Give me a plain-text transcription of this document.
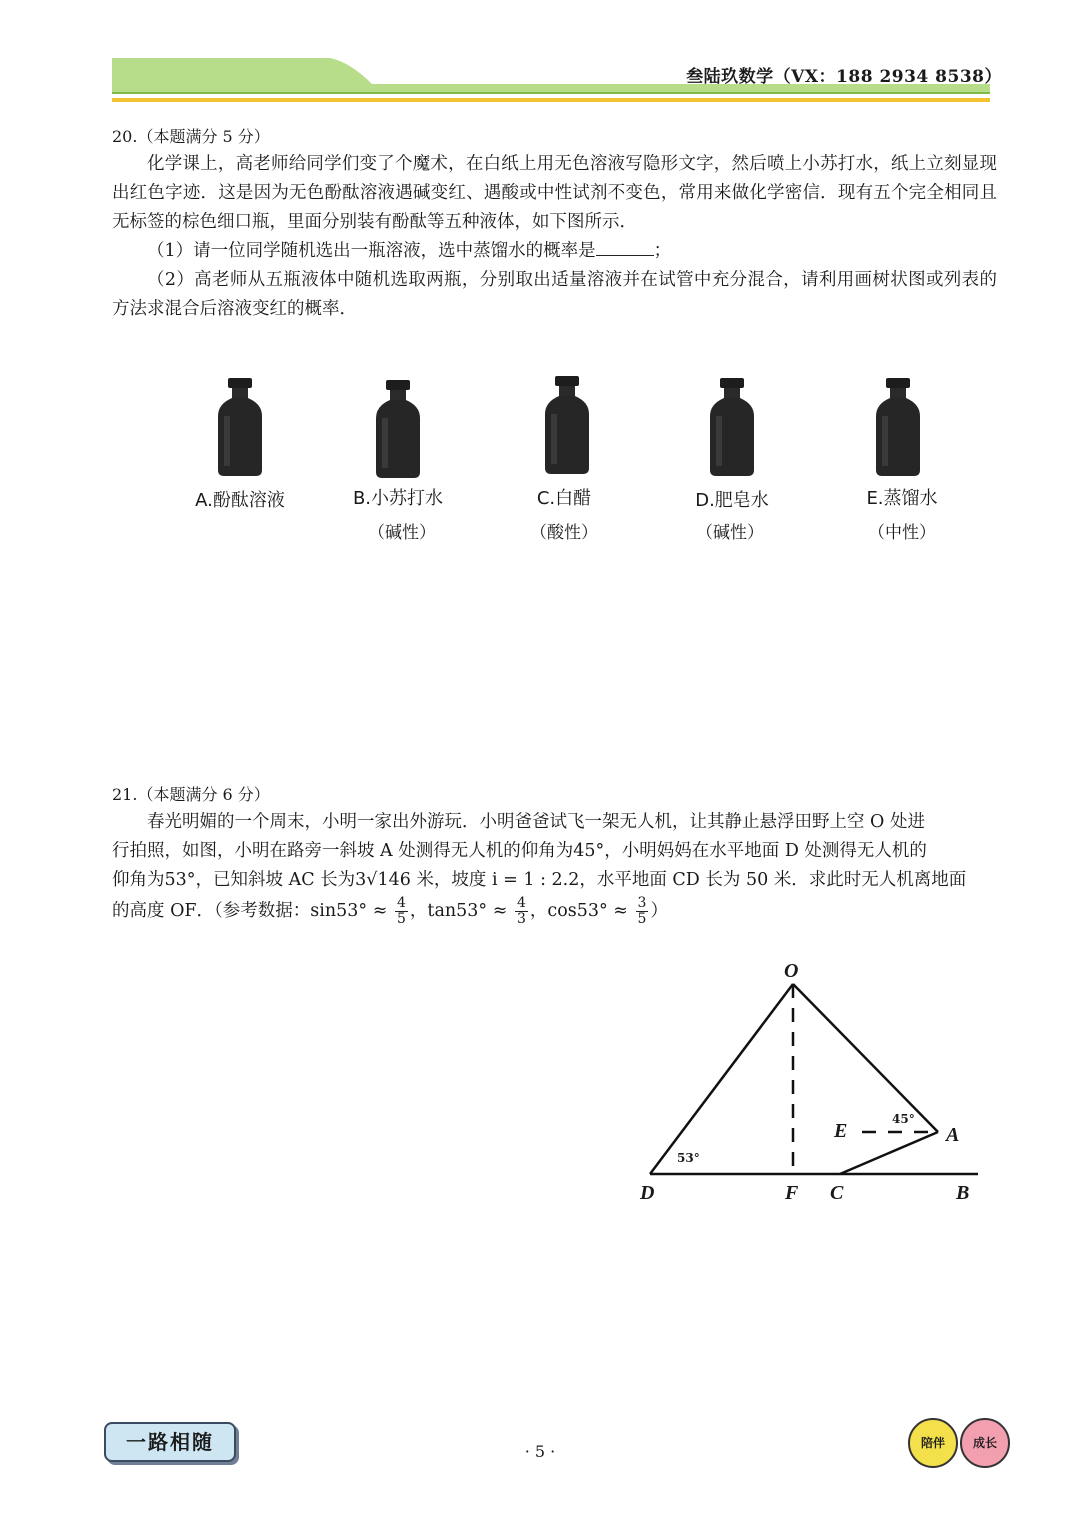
叁陆玖数学（VX：188 2934 8538）
20.（本题满分 5 分）

化学课上，高老师给同学们变了个魔术，在白纸上用无色溶液写隐形文字，然后喷上小苏打水，纸上立刻显现出红色字迹．这是因为无色酚酞溶液遇碱变红、遇酸或中性试剂不变色，常用来做化学密信．现有五个完全相同且无标签的棕色细口瓶，里面分别装有酚酞等五种液体，如下图所示．

（1）请一位同学随机选出一瓶溶液，选中蒸馏水的概率是	；

（2）高老师从五瓶液体中随机选取两瓶，分别取出适量溶液并在试管中充分混合，请利用画树状图或列表的方法求混合后溶液变红的概率．

A.酚酞溶液	B.小苏打水
（碱性）
C.白醋
（酸性）
D.肥皂水
（碱性）
E.蒸馏水
（中性）
21.（本题满分 6 分）
春光明媚的一个周末，小明一家出外游玩．小明爸爸试飞一架无人机，让其静止悬浮田野上空 O 处进
行拍照，如图，小明在路旁一斜坡 A 处测得无人机的仰角为45°，小明妈妈在水平地面 D 处测得无人机的
仰角为53°，已知斜坡 AC 长为3√146 米，坡度 i = 1 : 2.2，水平地面 CD 长为 50 米．求此时无人机离地面
的高度 OF．（参考数据：$\sin 53^\circ \approx \frac{4}{5}$ ，$\tan 53^\circ \approx \frac{4}{3}$ ，$\cos 53^\circ \approx \frac{3}{5}$ ）
O
D	F C	B
A
E
53°
45°
一路相随	· 5 ·	陪伴	成长
